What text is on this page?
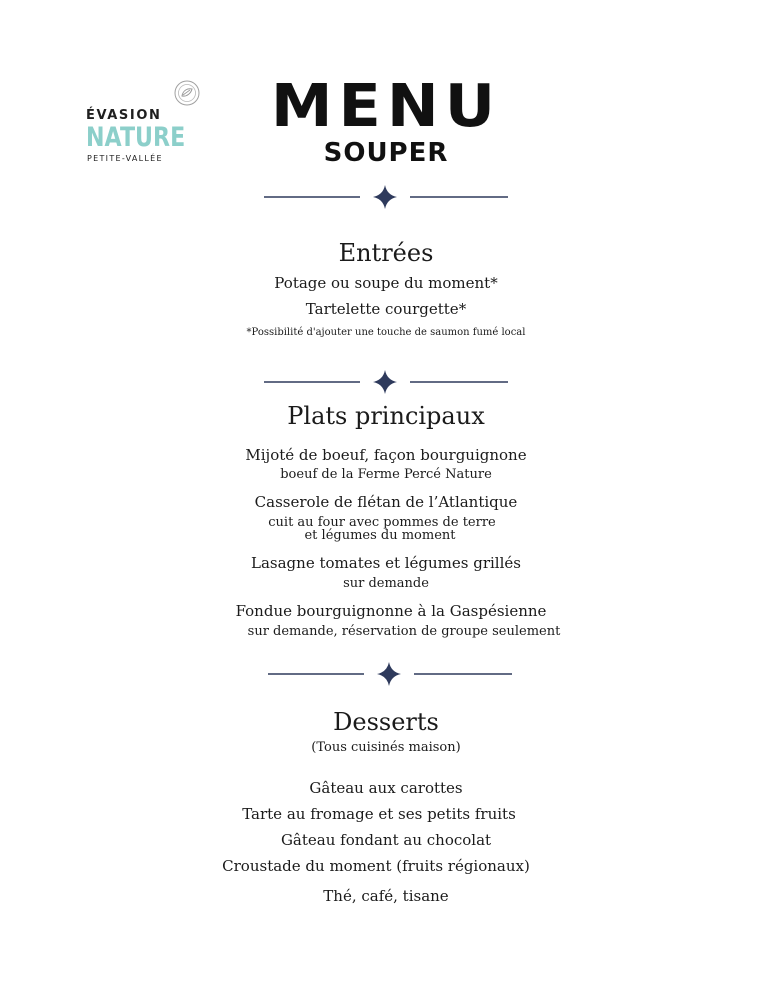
ÉVASION
NATURE
PETITE-VALLÉE
MENU
SOUPER
Entrées
Potage ou soupe du moment*
Tartelette courgette*
*Possibilité d'ajouter une touche de saumon fumé local
Plats principaux
Mijoté de boeuf, façon bourguignone
boeuf de la Ferme Percé Nature
Casserole de flétan de l’Atlantique
cuit au four avec pommes de terre
et légumes du moment
Lasagne tomates et légumes grillés
sur demande
Fondue bourguignonne à la Gaspésienne
sur demande, réservation de groupe seulement
Desserts
(Tous cuisinés maison)
Gâteau aux carottes
Tarte au fromage et ses petits fruits
Gâteau fondant au chocolat
Croustade du moment (fruits régionaux)
Thé, café, tisane
